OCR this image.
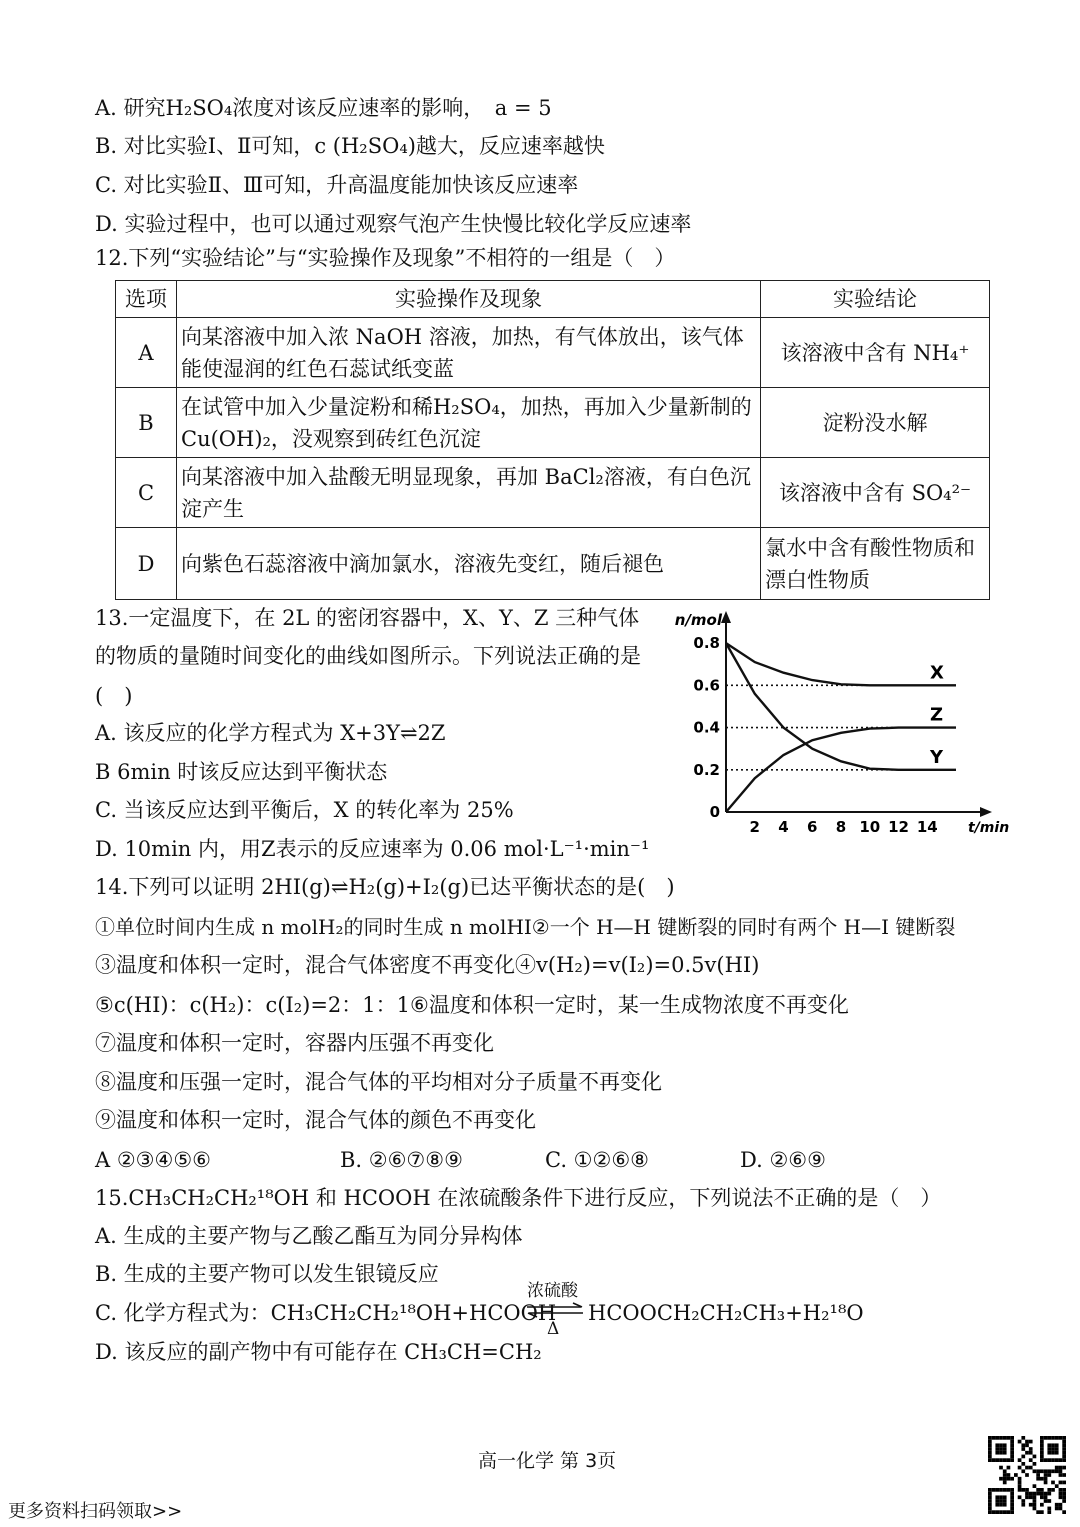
A. 研究H₂SO₄浓度对该反应速率的影响，　a = 5
B. 对比实验Ⅰ、Ⅱ可知，c (H₂SO₄)越大，反应速率越快
C. 对比实验Ⅱ、Ⅲ可知，升高温度能加快该反应速率
D. 实验过程中，也可以通过观察气泡产生快慢比较化学反应速率
12.下列“实验结论”与“实验操作及现象”不相符的一组是（　）
选项	实验操作及现象	实验结论
A	向某溶液中加入浓 NaOH 溶液，加热，有气体放出，该气体能使湿润的红色石蕊试纸变蓝	该溶液中含有 NH₄⁺
B	在试管中加入少量淀粉和稀H₂SO₄，加热，再加入少量新制的Cu(OH)₂，没观察到砖红色沉淀	淀粉没水解
C	向某溶液中加入盐酸无明显现象，再加 BaCl₂溶液，有白色沉淀产生	该溶液中含有 SO₄²⁻
D	向紫色石蕊溶液中滴加氯水，溶液先变红，随后褪色	氯水中含有酸性物质和漂白性物质
13.一定温度下，在 2L 的密闭容器中，X、Y、Z 三种气体
的物质的量随时间变化的曲线如图所示。下列说法正确的是
(　)
A. 该反应的化学方程式为 X+3Y⇌2Z
B 6min 时该反应达到平衡状态
C. 当该反应达到平衡后，X 的转化率为 25%
D. 10min 内，用Z表示的反应速率为 0.06 mol·L⁻¹·min⁻¹
0
0.2
0.4
0.6
0.8
2 4 6 8 10 12 14
n/mol
t/min
X
Y
Z
14.下列可以证明 2HI(g)⇌H₂(g)+I₂(g)已达平衡状态的是(　)
①单位时间内生成 n molH₂的同时生成 n molHI②一个 H—H 键断裂的同时有两个 H—I 键断裂
③温度和体积一定时，混合气体密度不再变化④v(H₂)=v(I₂)=0.5v(HI)
⑤c(HI)：c(H₂)：c(I₂)=2：1：1⑥温度和体积一定时，某一生成物浓度不再变化
⑦温度和体积一定时，容器内压强不再变化
⑧温度和压强一定时，混合气体的平均相对分子质量不再变化
⑨温度和体积一定时，混合气体的颜色不再变化
A ②③④⑤⑥	B. ②⑥⑦⑧⑨	C. ①②⑥⑧	D. ②⑥⑨
15.CH₃CH₂CH₂¹⁸OH 和 HCOOH 在浓硫酸条件下进行反应，下列说法不正确的是（　）
A. 生成的主要产物与乙酸乙酯互为同分异构体
B. 生成的主要产物可以发生银镜反应
C. 化学方程式为：CH₃CH₂CH₂¹⁸OH+HCOOH
浓硫酸
Δ
HCOOCH₂CH₂CH₃+H₂¹⁸O
D. 该反应的副产物中有可能存在 CH₃CH=CH₂
高一化学 第 3页
更多资料扫码领取>>
